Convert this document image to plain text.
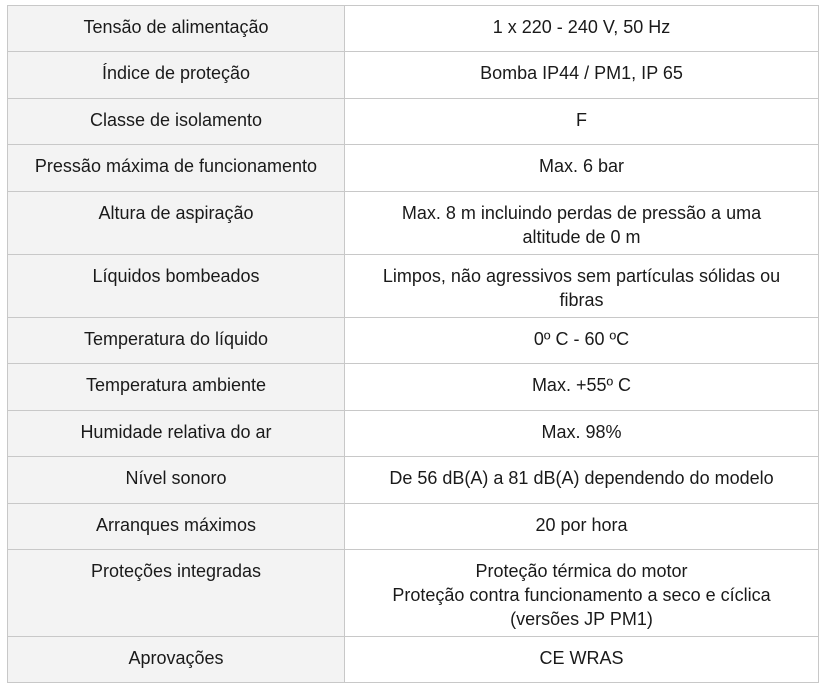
Tensão de alimentação	1 x 220 - 240 V, 50 Hz
Índice de proteção	Bomba IP44 / PM1, IP 65
Classe de isolamento	F
Pressão máxima de funcionamento	Max. 6 bar
Altura de aspiração	Max. 8 m incluindo perdas de pressão a uma
altitude de 0 m
Líquidos bombeados	Limpos, não agressivos sem partículas sólidas ou
fibras
Temperatura do líquido	0º C - 60 ºC
Temperatura ambiente	Max. +55º C
Humidade relativa do ar	Max. 98%
Nível sonoro	De 56 dB(A) a 81 dB(A) dependendo do modelo
Arranques máximos	20 por hora
Proteções integradas	Proteção térmica do motor
Proteção contra funcionamento a seco e cíclica
(versões JP PM1)
Aprovações	CE WRAS
